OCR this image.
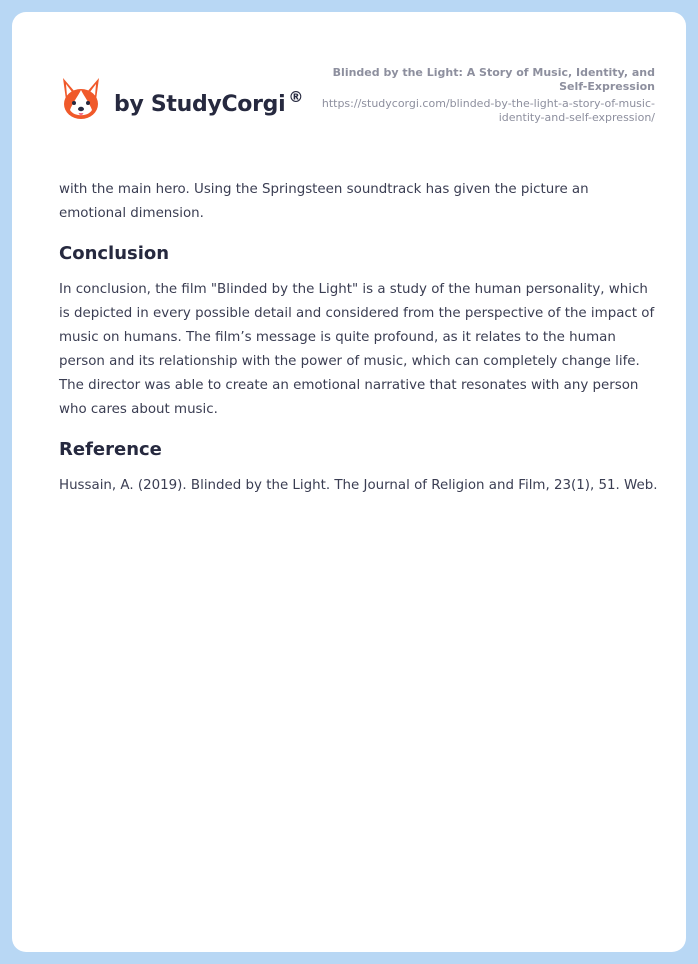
by StudyCorgi ®
Blinded by the Light: A Story of Music, Identity, and Self-Expression
https://studycorgi.com/blinded-by-the-light-a-story-of-music-identity-and-self-expression/

with the main hero. Using the Springsteen soundtrack has given the picture an emotional dimension.

Conclusion

In conclusion, the film "Blinded by the Light" is a study of the human personality, which is depicted in every possible detail and considered from the perspective of the impact of music on humans. The film’s message is quite profound, as it relates to the human person and its relationship with the power of music, which can completely change life. The director was able to create an emotional narrative that resonates with any person who cares about music.

Reference

Hussain, A. (2019). Blinded by the Light. The Journal of Religion and Film, 23(1), 51. Web.
